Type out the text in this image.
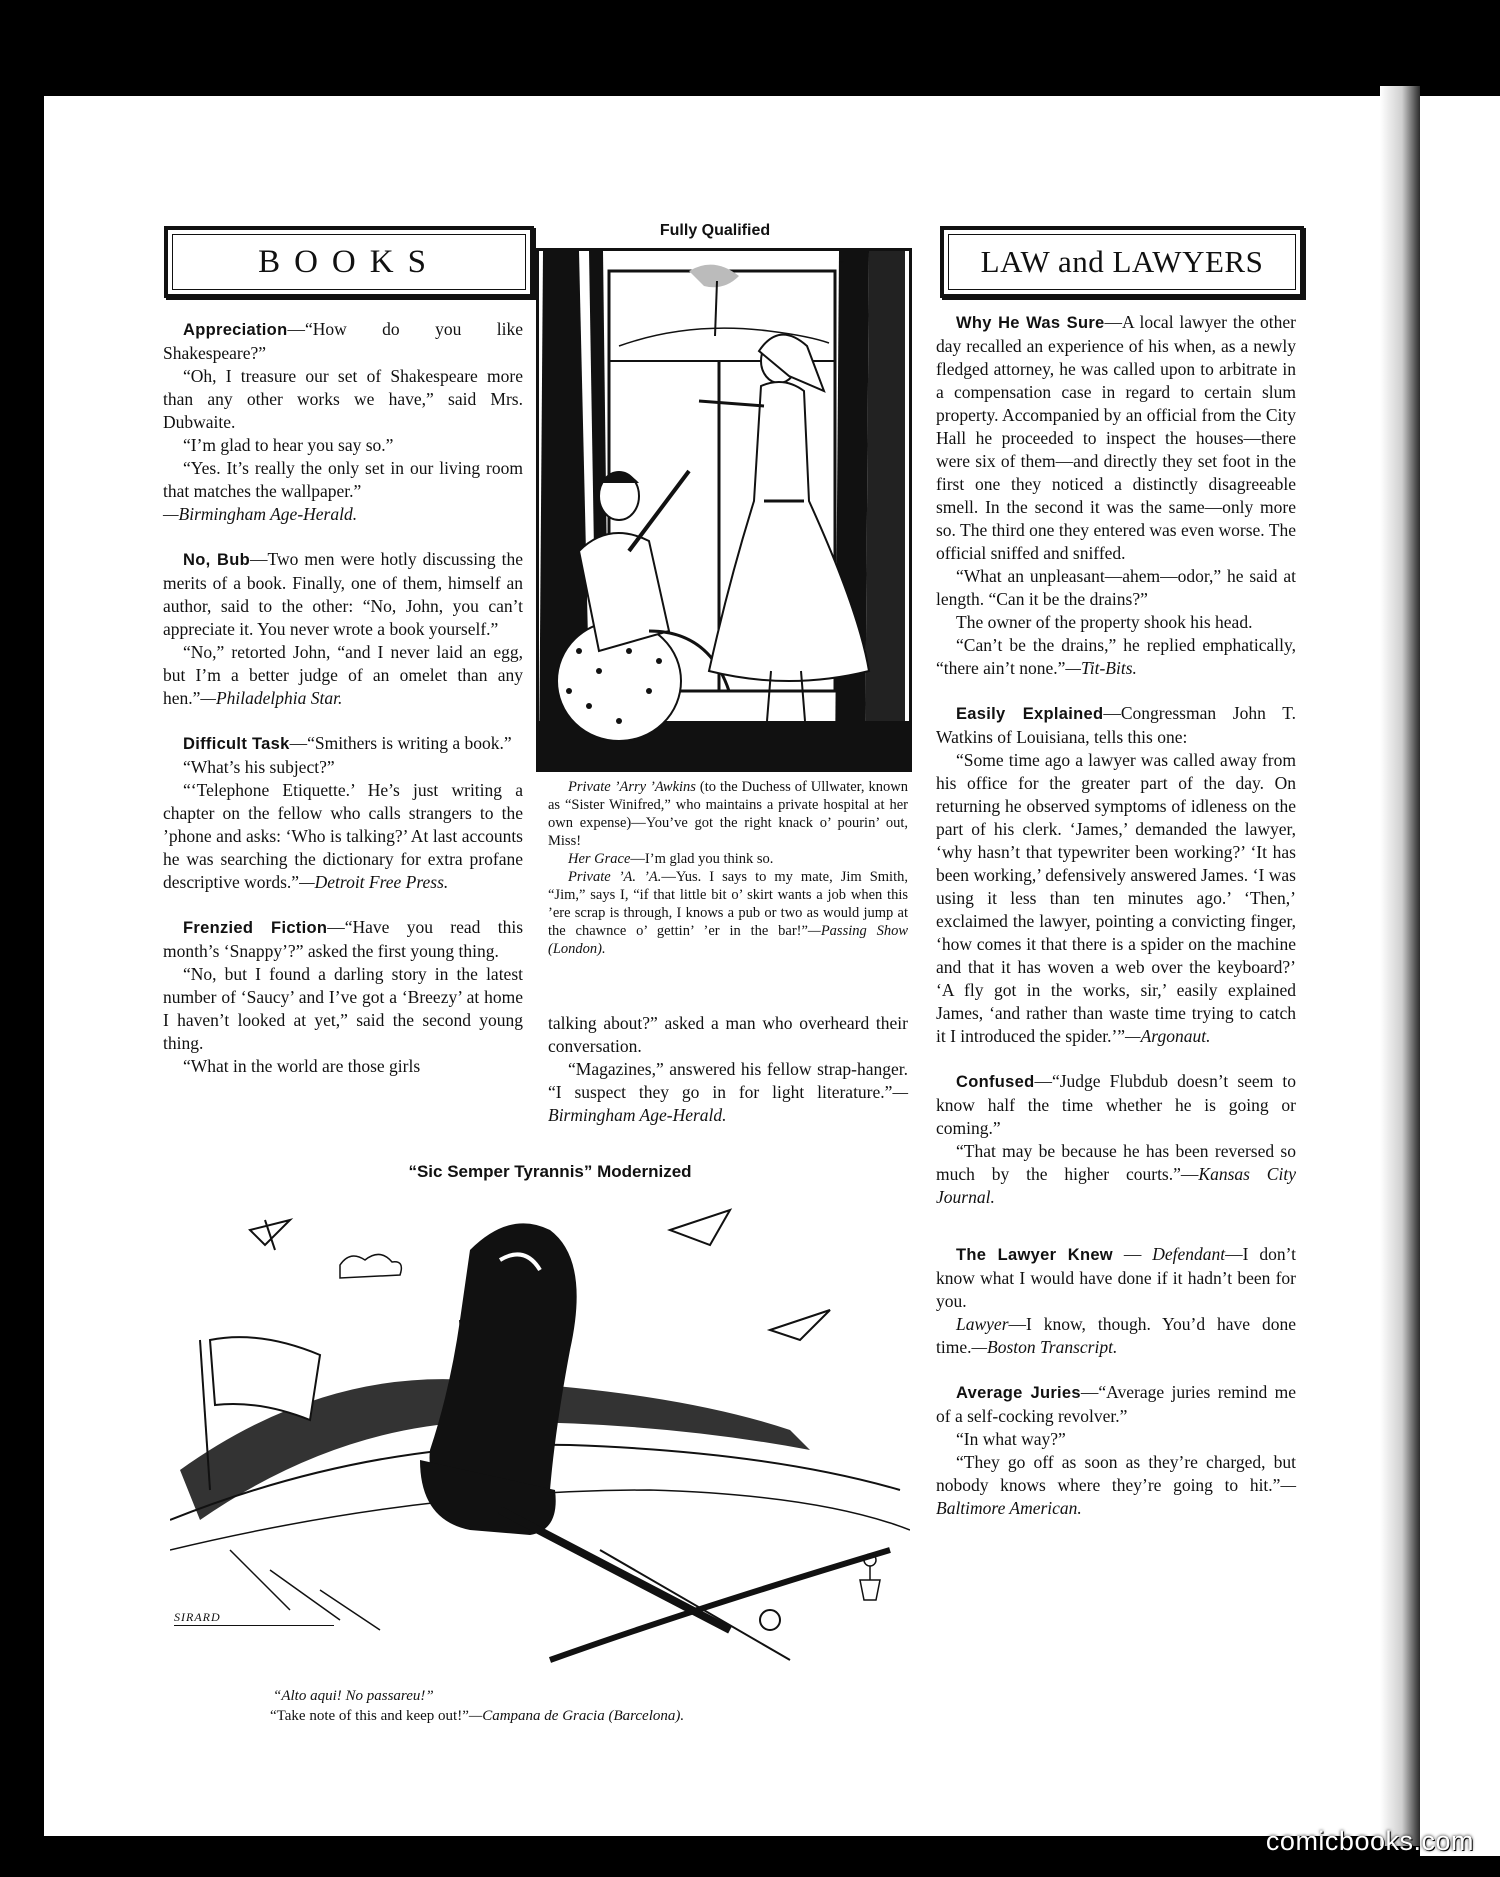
BOOKS

Appreciation—“How do you like Shakespeare?”

“Oh, I treasure our set of Shakespeare more than any other works we have,” said Mrs. Dubwaite.

“I’m glad to hear you say so.”

“Yes. It’s really the only set in our living room that matches the wallpaper.”

—Birmingham Age-Herald.

No, Bub—Two men were hotly discussing the merits of a book. Finally, one of them, himself an author, said to the other: “No, John, you can’t appreciate it. You never wrote a book yourself.”

“No,” retorted John, “and I never laid an egg, but I’m a better judge of an omelet than any hen.”—Philadelphia Star.

Difficult Task—“Smithers is writing a book.”

“What’s his subject?”

“‘Telephone Etiquette.’ He’s just writing a chapter on the fellow who calls strangers to the ’phone and asks: ‘Who is talking?’ At last accounts he was searching the dictionary for extra profane descriptive words.”—Detroit Free Press.

Frenzied Fiction—“Have you read this month’s ‘Snappy’?” asked the first young thing.

“No, but I found a darling story in the latest number of ‘Saucy’ and I’ve got a ‘Breezy’ at home I haven’t looked at yet,” said the second young thing.

“What in the world are those girls

Fully Qualified
~

Private ’Arry ’Awkins (to the Duchess of Ullwater, known as “Sister Winifred,” who maintains a private hospital at her own expense)—You’ve got the right knack o’ pourin’ out, Miss!

Her Grace—I’m glad you think so.

Private ’A. ’A.—Yus. I says to my mate, Jim Smith, “Jim,” says I, “if that little bit o’ skirt wants a job when this ’ere scrap is through, I knows a pub or two as would jump at the chawnce o’ gettin’ ’er in the bar!”—Passing Show (London).

talking about?” asked a man who overheard their conversation.

“Magazines,” answered his fellow strap-hanger. “I suspect they go in for light literature.”—Birmingham Age-Herald.

“Sic Semper Tyrannis” Modernized
SIRARD
“Alto aqui! No passareu!”
“Take note of this and keep out!”—Campana de Gracia (Barcelona).
LAW and LAWYERS

Why He Was Sure—A local lawyer the other day recalled an experience of his when, as a newly fledged attorney, he was called upon to arbitrate in a compensation case in regard to certain slum property. Accompanied by an official from the City Hall he proceeded to inspect the houses—there were six of them—and directly they set foot in the first one they noticed a distinctly disagreeable smell. In the second it was the same—only more so. The third one they entered was even worse. The official sniffed and sniffed.

“What an unpleasant—ahem—odor,” he said at length. “Can it be the drains?”

The owner of the property shook his head.

“Can’t be the drains,” he replied emphatically, “there ain’t none.”—Tit-Bits.

Easily Explained—Congressman John T. Watkins of Louisiana, tells this one:

“Some time ago a lawyer was called away from his office for the greater part of the day. On returning he observed symptoms of idleness on the part of his clerk. ‘James,’ demanded the lawyer, ‘why hasn’t that typewriter been working?’ ‘It has been working,’ defensively answered James. ‘I was using it less than ten minutes ago.’ ‘Then,’ exclaimed the lawyer, pointing a convicting finger, ‘how comes it that there is a spider on the machine and that it has woven a web over the keyboard?’ ‘A fly got in the works, sir,’ easily explained James, ‘and rather than waste time trying to catch it I introduced the spider.’”—Argonaut.

Confused—“Judge Flubdub doesn’t seem to know half the time whether he is going or coming.”

“That may be because he has been reversed so much by the higher courts.”—Kansas City Journal.

The Lawyer Knew — Defendant—I don’t know what I would have done if it hadn’t been for you.

Lawyer—I know, though. You’d have done time.—Boston Transcript.

Average Juries—“Average juries remind me of a self-cocking revolver.”

“In what way?”

“They go off as soon as they’re charged, but nobody knows where they’re going to hit.”—Baltimore American.

comicbooks.com
